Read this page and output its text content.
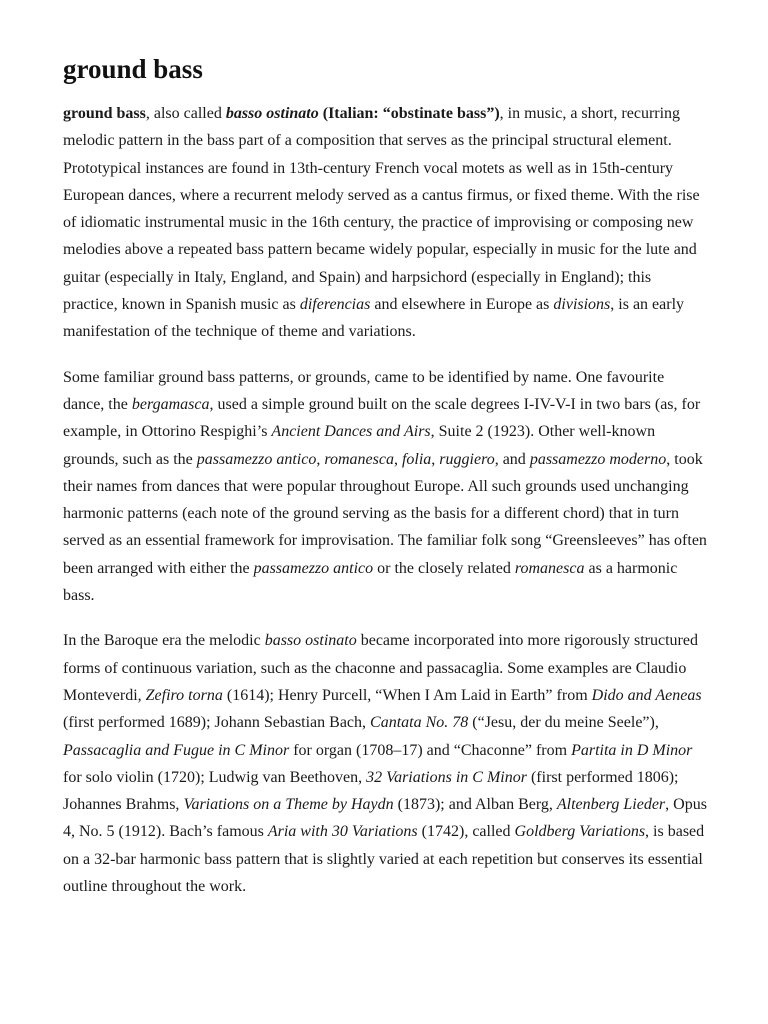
ground bass

ground bass, also called basso ostinato (Italian: “obstinate bass”), in music, a short, recurring melodic pattern in the bass part of a composition that serves as the principal structural element. Prototypical instances are found in 13th-century French vocal motets as well as in 15th-century European dances, where a recurrent melody served as a cantus firmus, or fixed theme. With the rise of idiomatic instrumental music in the 16th century, the practice of improvising or composing new melodies above a repeated bass pattern became widely popular, especially in music for the lute and guitar (especially in Italy, England, and Spain) and harpsichord (especially in England); this practice, known in Spanish music as diferencias and elsewhere in Europe as divisions, is an early manifestation of the technique of theme and variations.

Some familiar ground bass patterns, or grounds, came to be identified by name. One favourite dance, the bergamasca, used a simple ground built on the scale degrees I-IV-V-I in two bars (as, for example, in Ottorino Respighi’s Ancient Dances and Airs, Suite 2 (1923). Other well-known grounds, such as the passamezzo antico, romanesca, folia, ruggiero, and passamezzo moderno, took their names from dances that were popular throughout Europe. All such grounds used unchanging harmonic patterns (each note of the ground serving as the basis for a different chord) that in turn served as an essential framework for improvisation. The familiar folk song “Greensleeves” has often been arranged with either the passamezzo antico or the closely related romanesca as a harmonic bass.

In the Baroque era the melodic basso ostinato became incorporated into more rigorously structured forms of continuous variation, such as the chaconne and passacaglia. Some examples are Claudio Monteverdi, Zefiro torna (1614); Henry Purcell, “When I Am Laid in Earth” from Dido and Aeneas (first performed 1689); Johann Sebastian Bach, Cantata No. 78 (“Jesu, der du meine Seele”), Passacaglia and Fugue in C Minor for organ (1708–17) and “Chaconne” from Partita in D Minor for solo violin (1720); Ludwig van Beethoven, 32 Variations in C Minor (first performed 1806); Johannes Brahms, Variations on a Theme by Haydn (1873); and Alban Berg, Altenberg Lieder, Opus 4, No. 5 (1912). Bach’s famous Aria with 30 Variations (1742), called Goldberg Variations, is based on a 32-bar harmonic bass pattern that is slightly varied at each repetition but conserves its essential outline throughout the work.
